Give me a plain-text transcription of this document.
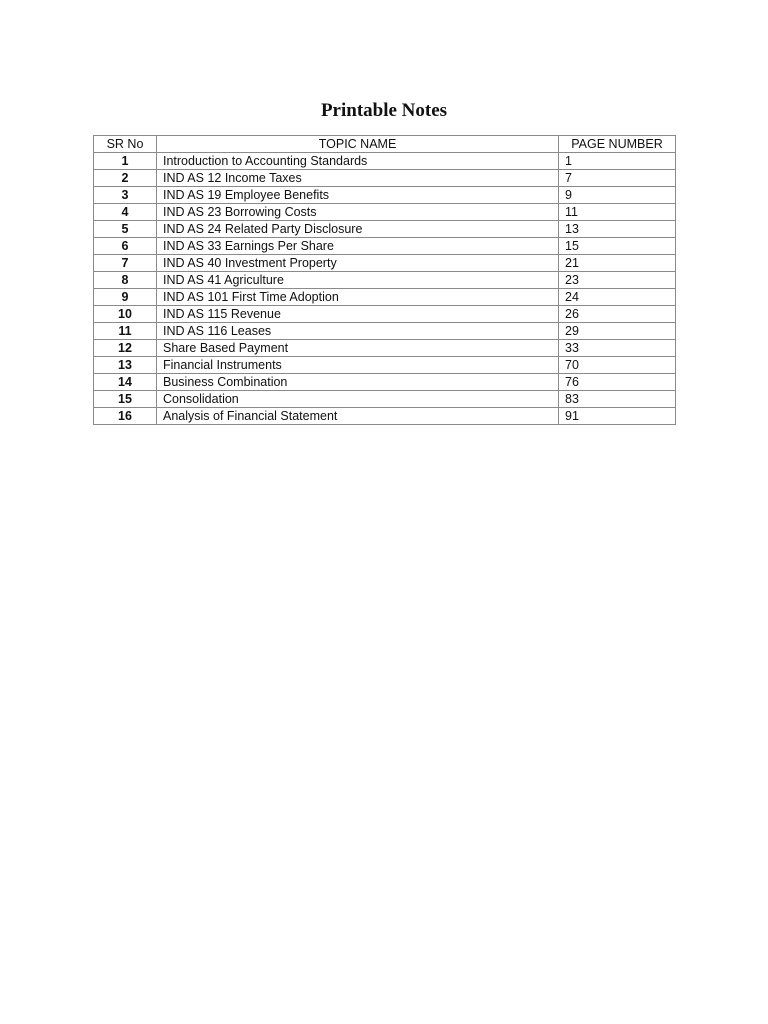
Printable Notes
SR No	TOPIC NAME	PAGE NUMBER
1	Introduction to Accounting Standards	1
2	IND AS 12 Income Taxes	7
3	IND AS 19 Employee Benefits	9
4	IND AS 23 Borrowing Costs	11
5	IND AS 24 Related Party Disclosure	13
6	IND AS 33 Earnings Per Share	15
7	IND AS 40 Investment Property	21
8	IND AS 41 Agriculture	23
9	IND AS 101 First Time Adoption	24
10	IND AS 115 Revenue	26
11	IND AS 116 Leases	29
12	Share Based Payment	33
13	Financial Instruments	70
14	Business Combination	76
15	Consolidation	83
16	Analysis of Financial Statement	91
